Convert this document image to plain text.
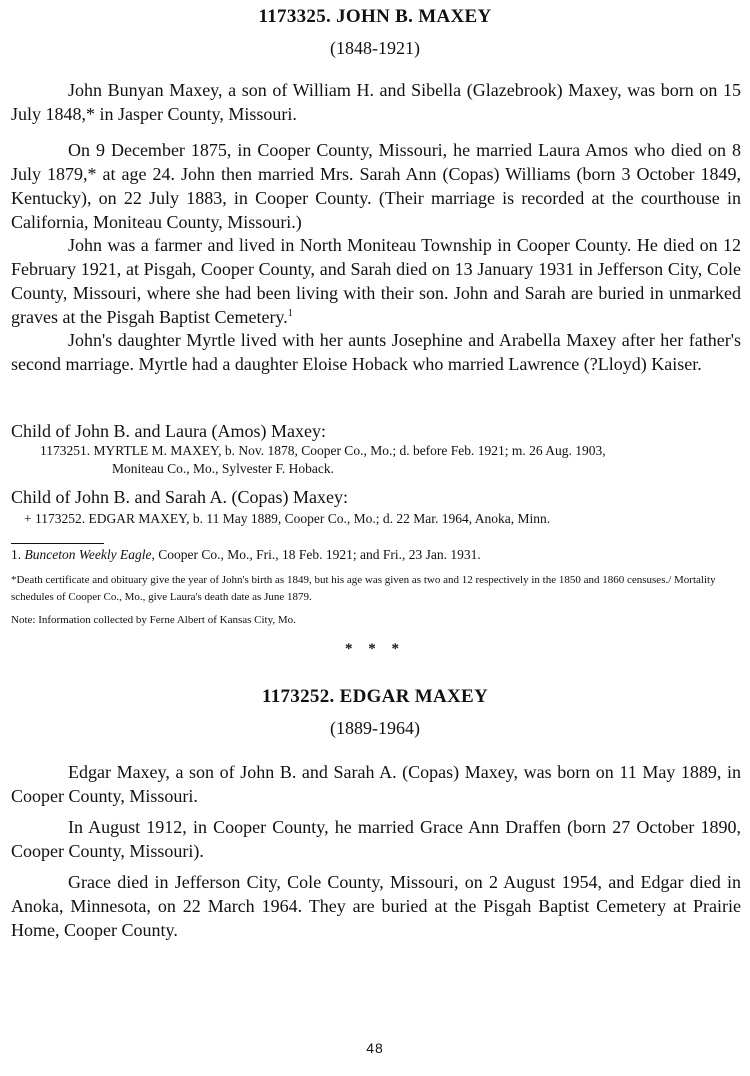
1173325. JOHN B. MAXEY
(1848-1921)

John Bunyan Maxey, a son of William H. and Sibella (Glazebrook) Maxey, was born on 15 July 1848,* in Jasper County, Missouri.

On 9 December 1875, in Cooper County, Missouri, he married Laura Amos who died on 8 July 1879,* at age 24. John then married Mrs. Sarah Ann (Copas) Williams (born 3 October 1849, Kentucky), on 22 July 1883, in Cooper County. (Their marriage is recorded at the courthouse in California, Moniteau County, Missouri.)

John was a farmer and lived in North Moniteau Township in Cooper County. He died on 12 February 1921, at Pisgah, Cooper County, and Sarah died on 13 January 1931 in Jefferson City, Cole County, Missouri, where she had been living with their son. John and Sarah are buried in unmarked graves at the Pisgah Baptist Cemetery.$^1$

John's daughter Myrtle lived with her aunts Josephine and Arabella Maxey after her father's second marriage. Myrtle had a daughter Eloise Hoback who married Lawrence (?Lloyd) Kaiser.

Child of John B. and Laura (Amos) Maxey:
1173251. MYRTLE M. MAXEY, b. Nov. 1878, Cooper Co., Mo.; d. before Feb. 1921; m. 26 Aug. 1903,
Moniteau Co., Mo., Sylvester F. Hoback.
Child of John B. and Sarah A. (Copas) Maxey:
+ 1173252. EDGAR MAXEY, b. 11 May 1889, Cooper Co., Mo.; d. 22 Mar. 1964, Anoka, Minn.
1. Bunceton Weekly Eagle, Cooper Co., Mo., Fri., 18 Feb. 1921; and Fri., 23 Jan. 1931.
*Death certificate and obituary give the year of John's birth as 1849, but his age was given as two and 12 respectively in the 1850 and 1860 censuses./ Mortality schedules of Cooper Co., Mo., give Laura's death date as June 1879.
Note: Information collected by Ferne Albert of Kansas City, Mo.
* * *
1173252. EDGAR MAXEY
(1889-1964)

Edgar Maxey, a son of John B. and Sarah A. (Copas) Maxey, was born on 11 May 1889, in Cooper County, Missouri.

In August 1912, in Cooper County, he married Grace Ann Draffen (born 27 October 1890, Cooper County, Missouri).

Grace died in Jefferson City, Cole County, Missouri, on 2 August 1954, and Edgar died in Anoka, Minnesota, on 22 March 1964. They are buried at the Pisgah Baptist Cemetery at Prairie Home, Cooper County.

48
